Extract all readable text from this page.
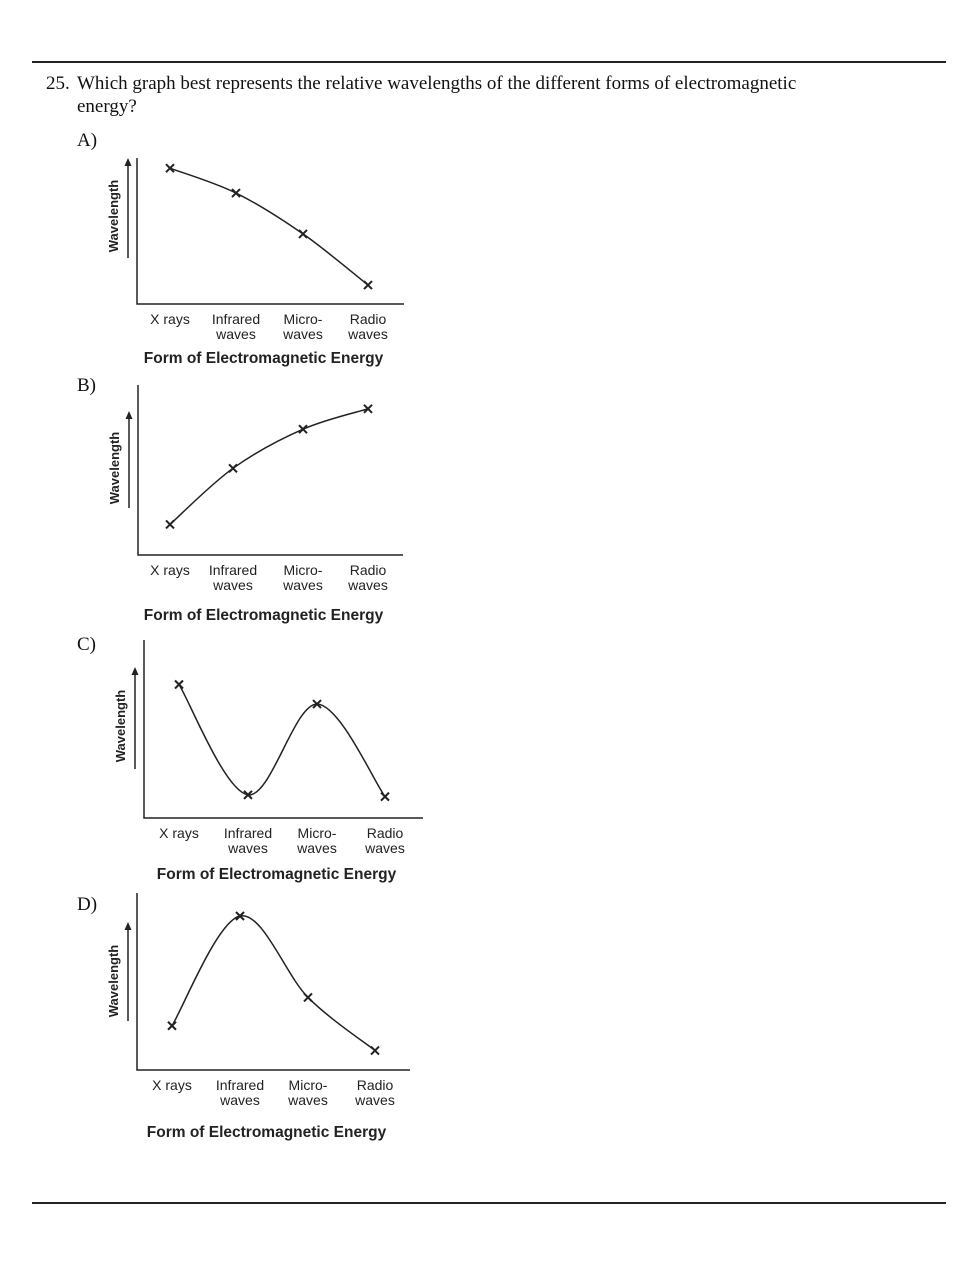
25. Which graph best represents the relative wavelengths of the different forms of electromagnetic energy?
A)
B)
C)
D)
Wavelength
X rays Infrared
waves
Micro-
waves
Radio
waves
Form of Electromagnetic Energy
Wavelength
X rays Infrared
waves
Micro-
waves
Radio
waves
Form of Electromagnetic Energy
Wavelength
X rays Infrared
waves
Micro-
waves
Radio
waves
Form of Electromagnetic Energy
Wavelength
X rays Infrared
waves
Micro-
waves
Radio
waves
Form of Electromagnetic Energy
